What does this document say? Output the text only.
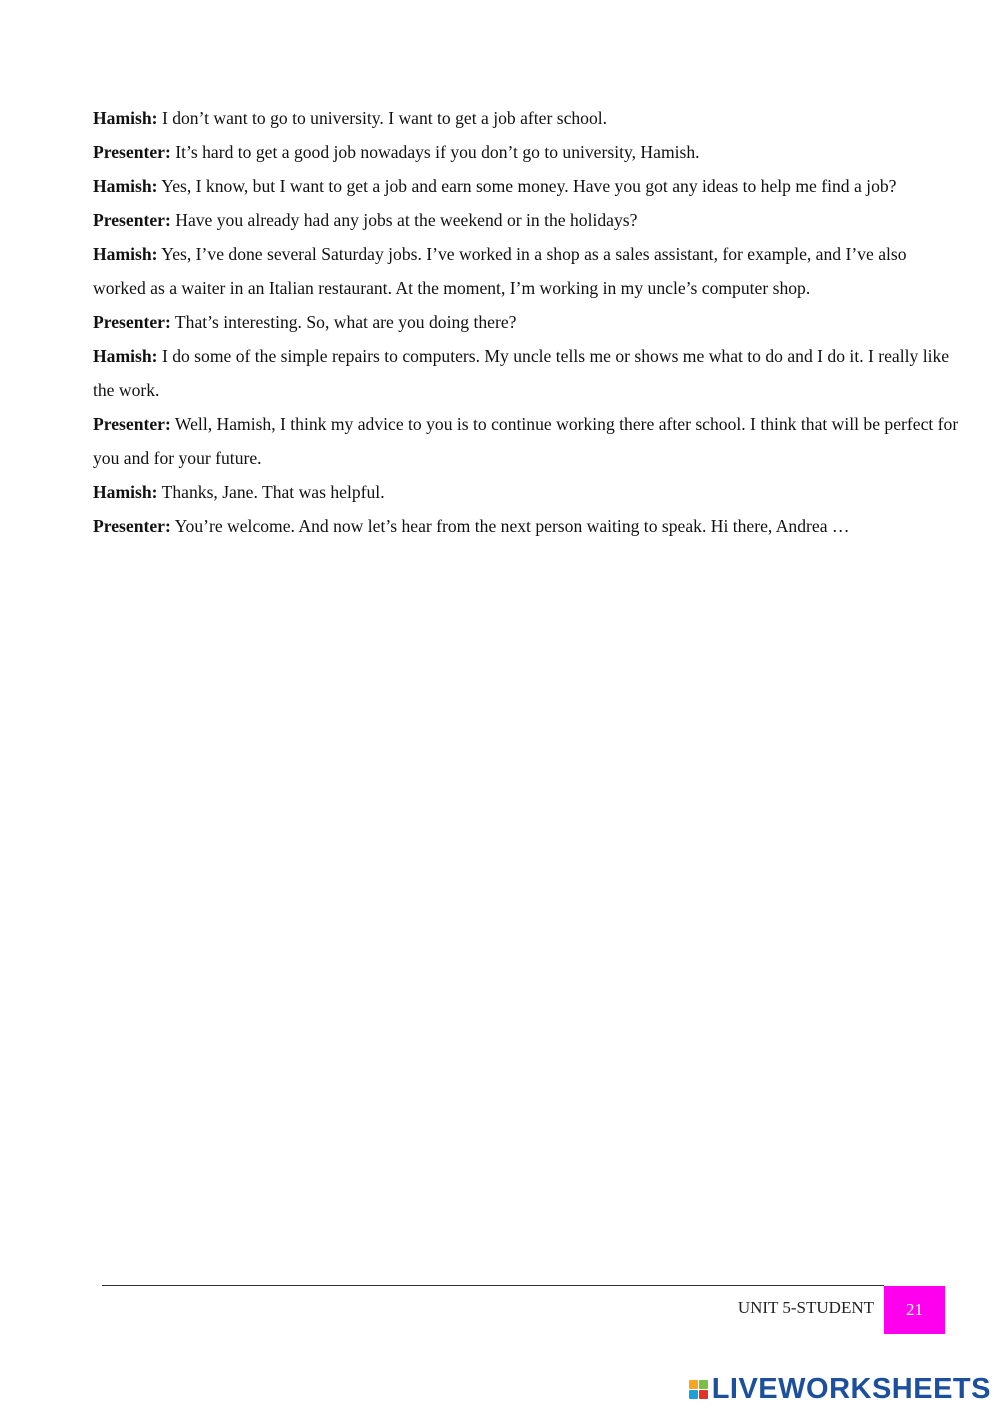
Hamish: I don’t want to go to university. I want to get a job after school.

Presenter: It’s hard to get a good job nowadays if you don’t go to university, Hamish.

Hamish: Yes, I know, but I want to get a job and earn some money. Have you got any ideas to help me find a job?

Presenter: Have you already had any jobs at the weekend or in the holidays?

Hamish: Yes, I’ve done several Saturday jobs. I’ve worked in a shop as a sales assistant, for example, and I’ve also worked as a waiter in an Italian restaurant. At the moment, I’m working in my uncle’s computer shop.

Presenter: That’s interesting. So, what are you doing there?

Hamish: I do some of the simple repairs to computers. My uncle tells me or shows me what to do and I do it. I really like the work.

Presenter: Well, Hamish, I think my advice to you is to continue working there after school. I think that will be perfect for you and for your future.

Hamish: Thanks, Jane. That was helpful.

Presenter: You’re welcome. And now let’s hear from the next person waiting to speak. Hi there, Andrea …

UNIT 5-STUDENT 21
LIVEWORKSHEETS
